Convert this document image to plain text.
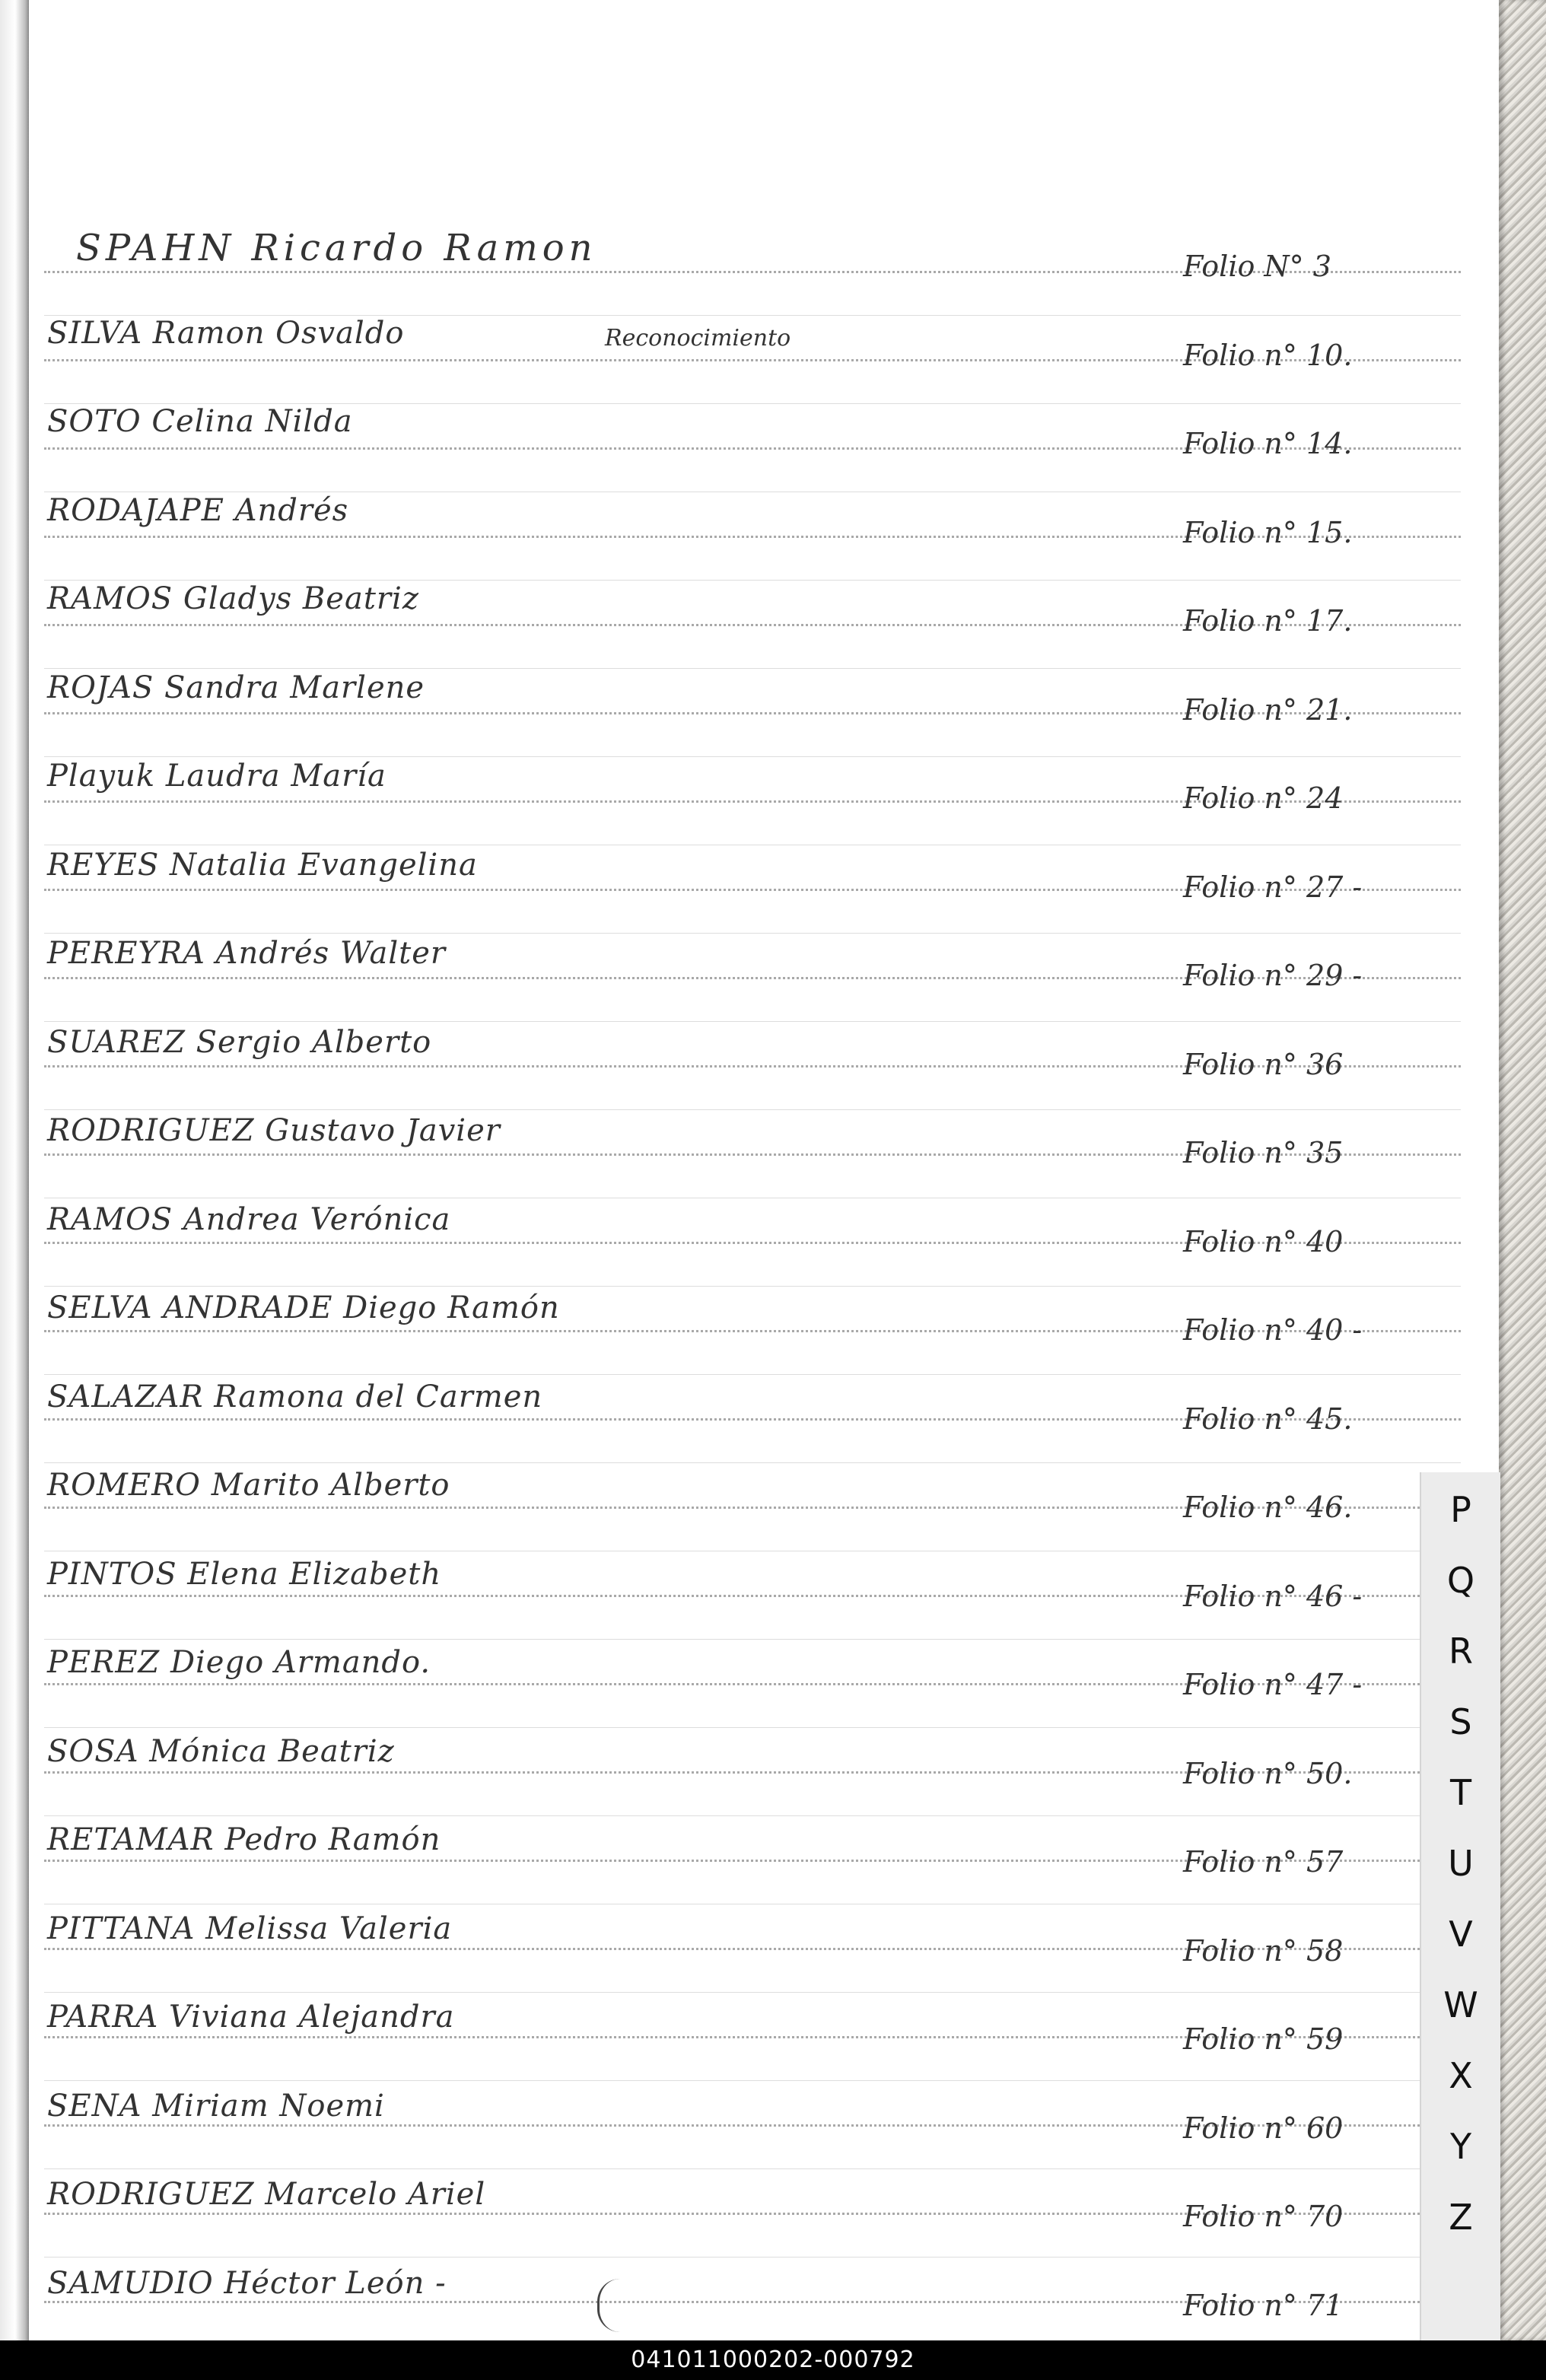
SPAHN Ricardo Ramon	Folio N° 3
SILVA Ramon Osvaldo	Reconocimiento
Folio n° 10.
SOTO Celina Nilda
Folio n° 14.
RODAJAPE Andrés
Folio n° 15.
RAMOS Gladys Beatriz
Folio n° 17.
ROJAS Sandra Marlene
Folio n° 21.
Playuk Laudra María
Folio n° 24
REYES Natalia Evangelina
Folio n° 27 -
PEREYRA Andrés Walter
Folio n° 29 -
SUAREZ Sergio Alberto
Folio n° 36
RODRIGUEZ Gustavo Javier
Folio n° 35
RAMOS Andrea Verónica
Folio n° 40
SELVA ANDRADE Diego Ramón
Folio n° 40 -
SALAZAR Ramona del Carmen
Folio n° 45.
ROMERO Marito Alberto
Folio n° 46.
PINTOS Elena Elizabeth
Folio n° 46 -
PEREZ Diego Armando.
Folio n° 47 -
SOSA Mónica Beatriz
Folio n° 50.
RETAMAR Pedro Ramón
Folio n° 57
PITTANA Melissa Valeria
Folio n° 58
PARRA Viviana Alejandra
Folio n° 59
SENA Miriam Noemi
Folio n° 60
RODRIGUEZ Marcelo Ariel
Folio n° 70
SAMUDIO Héctor León -
Folio n° 71
P
Q
R
S
T
U
V
W
X
Y
Z
041011000202-000792
